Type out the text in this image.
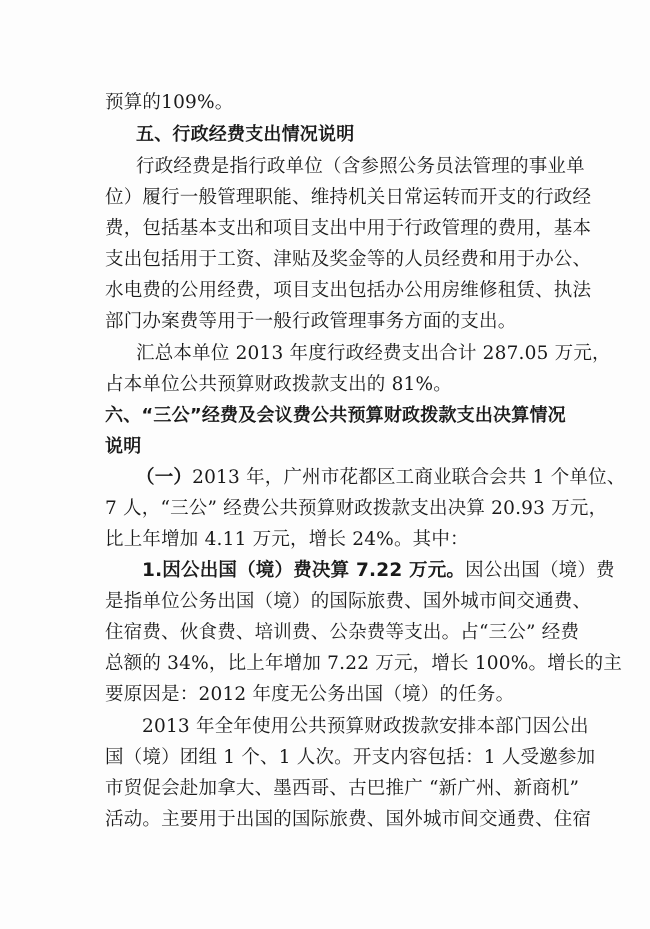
预算的109%。
五、行政经费支出情况说明
行政经费是指行政单位（含参照公务员法管理的事业单
位）履行一般管理职能、维持机关日常运转而开支的行政经
费，包括基本支出和项目支出中用于行政管理的费用，基本
支出包括用于工资、津贴及奖金等的人员经费和用于办公、
水电费的公用经费，项目支出包括办公用房维修租赁、执法
部门办案费等用于一般行政管理事务方面的支出。
汇总本单位 2013 年度行政经费支出合计 287.05 万元，
占本单位公共预算财政拨款支出的 81%。
六、“三公”经费及会议费公共预算财政拨款支出决算情况
说明
（一）2013 年，广州市花都区工商业联合会共 1 个单位、
7 人，“三公” 经费公共预算财政拨款支出决算 20.93 万元，
比上年增加 4.11 万元，增长 24%。其中：
1.因公出国（境）费决算 7.22 万元。因公出国（境）费
是指单位公务出国（境）的国际旅费、国外城市间交通费、
住宿费、伙食费、培训费、公杂费等支出。占“三公” 经费
总额的 34%，比上年增加 7.22 万元，增长 100%。增长的主
要原因是：2012 年度无公务出国（境）的任务。
2013 年全年使用公共预算财政拨款安排本部门因公出
国（境）团组 1 个、1 人次。开支内容包括：1 人受邀参加
市贸促会赴加拿大、墨西哥、古巴推广 “新广州、新商机”
活动。主要用于出国的国际旅费、国外城市间交通费、住宿
